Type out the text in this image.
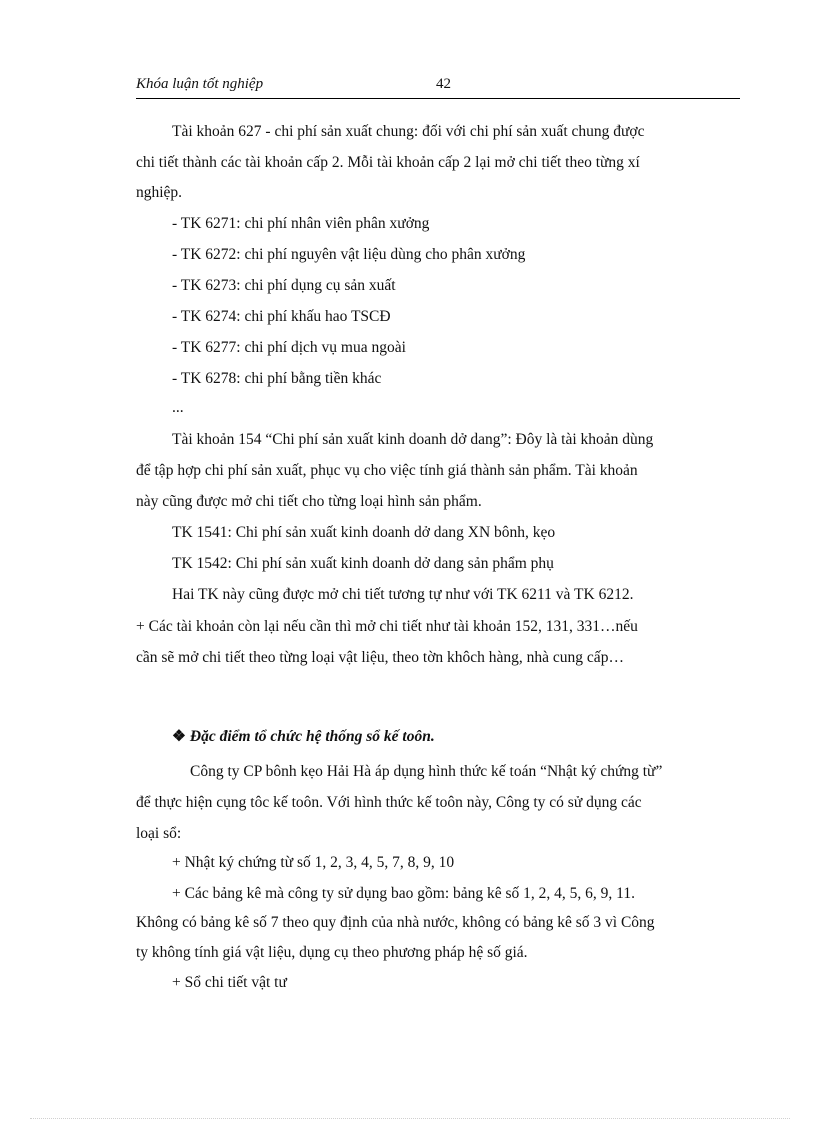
Khóa luận tốt nghiệp	42
Tài khoản 627 - chi phí sản xuất chung: đối với chi phí sản xuất chung được
chi tiết thành các tài khoản cấp 2. Mỗi tài khoản cấp 2 lại mở chi tiết theo từng xí
nghiệp.
- TK 6271: chi phí nhân viên phân xưởng
- TK 6272: chi phí nguyên vật liệu dùng cho phân xưởng
- TK 6273: chi phí dụng cụ sản xuất
- TK 6274: chi phí khấu hao TSCĐ
- TK 6277: chi phí dịch vụ mua ngoài
- TK 6278: chi phí bằng tiền khác
...
Tài khoản 154 “Chi phí sản xuất kinh doanh dở dang”: Đôy là tài khoản dùng
để tập hợp chi phí sản xuất, phục vụ cho việc tính giá thành sản phẩm. Tài khoản
này cũng được mở chi tiết cho từng loại hình sản phẩm.
TK 1541: Chi phí sản xuất kinh doanh dở dang XN bônh, kẹo
TK 1542: Chi phí sản xuất kinh doanh dở dang sản phẩm phụ
Hai TK này cũng được mở chi tiết tương tự như với TK 6211 và TK 6212.
+ Các tài khoản còn lại nếu cần thì mở chi tiết như tài khoản 152, 131, 331…nếu
cần sẽ mở chi tiết theo từng loại vật liệu, theo tờn khôch hàng, nhà cung cấp…
❖ Đặc điểm tổ chức hệ thống sổ kế toôn.
Công ty CP bônh kẹo Hải Hà áp dụng hình thức kế toán “Nhật ký chứng từ”
để thực hiện cụng tôc kế toôn. Với hình thức kế toôn này, Công ty có sử dụng các
loại sổ:
+ Nhật ký chứng từ số 1, 2, 3, 4, 5, 7, 8, 9, 10
+ Các bảng kê mà công ty sử dụng bao gồm: bảng kê số 1, 2, 4, 5, 6, 9, 11.
Không có bảng kê số 7 theo quy định của nhà nước, không có bảng kê số 3 vì Công
ty không tính giá vật liệu, dụng cụ theo phương pháp hệ số giá.
+ Sổ chi tiết vật tư
